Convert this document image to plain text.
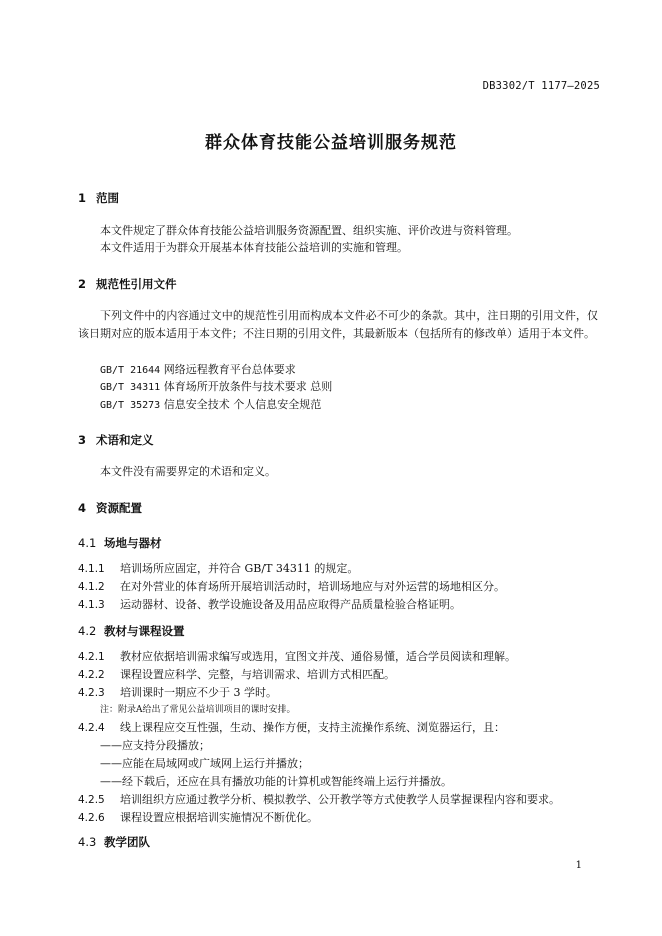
DB3302/T 1177—2025
群众体育技能公益培训服务规范
1 范围
本文件规定了群众体育技能公益培训服务资源配置、组织实施、评价改进与资料管理。
本文件适用于为群众开展基本体育技能公益培训的实施和管理。
2 规范性引用文件
下列文件中的内容通过文中的规范性引用而构成本文件必不可少的条款。其中，注日期的引用文件，仅该日期对应的版本适用于本文件；不注日期的引用文件，其最新版本（包括所有的修改单）适用于本文件。
GB/T 21644 网络远程教育平台总体要求
GB/T 34311 体育场所开放条件与技术要求 总则
GB/T 35273 信息安全技术 个人信息安全规范
3 术语和定义
本文件没有需要界定的术语和定义。
4 资源配置
4.1 场地与器材
4.1.1 培训场所应固定，并符合 GB/T 34311 的规定。
4.1.2 在对外营业的体育场所开展培训活动时，培训场地应与对外运营的场地相区分。
4.1.3 运动器材、设备、教学设施设备及用品应取得产品质量检验合格证明。
4.2 教材与课程设置
4.2.1 教材应依据培训需求编写或选用，宜图文并茂、通俗易懂，适合学员阅读和理解。
4.2.2 课程设置应科学、完整，与培训需求、培训方式相匹配。
4.2.3 培训课时一期应不少于 3 学时。
注：附录A给出了常见公益培训项目的课时安排。
4.2.4 线上课程应交互性强，生动、操作方便，支持主流操作系统、浏览器运行，且：
——应支持分段播放；
——应能在局域网或广域网上运行并播放；
——经下载后，还应在具有播放功能的计算机或智能终端上运行并播放。
4.2.5 培训组织方应通过教学分析、模拟教学、公开教学等方式使教学人员掌握课程内容和要求。
4.2.6 课程设置应根据培训实施情况不断优化。
4.3 教学团队
1
